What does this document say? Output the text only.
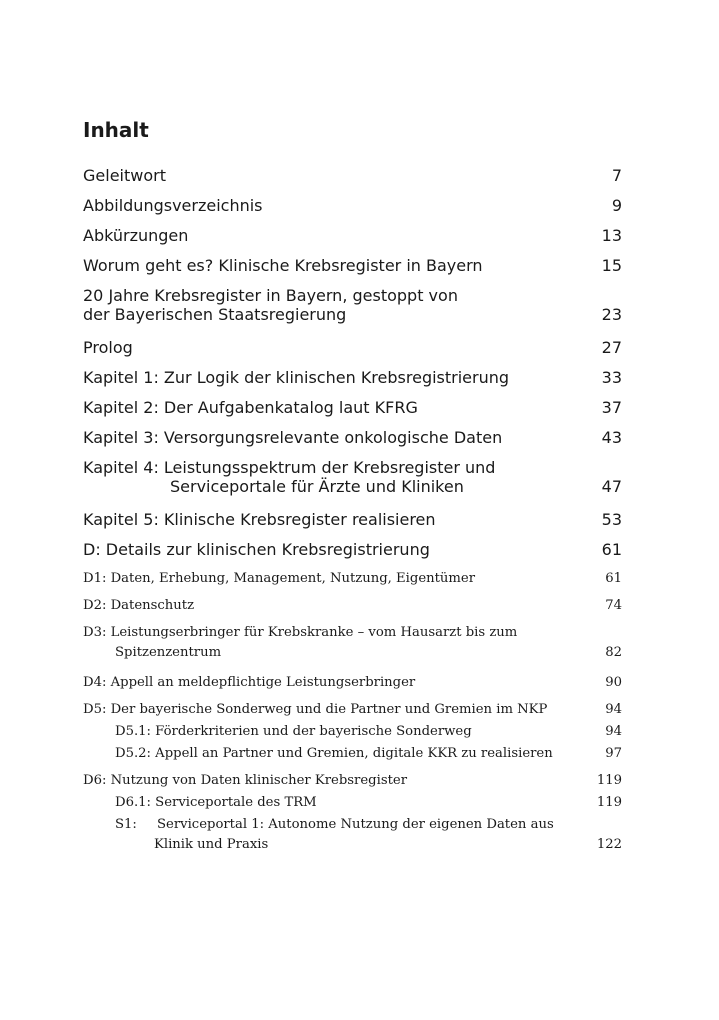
Inhalt
Geleitwort	7
Abbildungsverzeichnis	9
Abkürzungen	13
Worum geht es? Klinische Krebsregister in Bayern	15
20 Jahre Krebsregister in Bayern, gestoppt von
der Bayerischen Staatsregierung	23
Prolog	27
Kapitel 1: Zur Logik der klinischen Krebsregistrierung	33
Kapitel 2: Der Aufgabenkatalog laut KFRG	37
Kapitel 3: Versorgungsrelevante onkologische Daten	43
Kapitel 4: Leistungsspektrum der Krebsregister und
Serviceportale für Ärzte und Kliniken	47
Kapitel 5: Klinische Krebsregister realisieren	53
D: Details zur klinischen Krebsregistrierung	61
D1: Daten, Erhebung, Management, Nutzung, Eigentümer	61
D2: Datenschutz	74
D3: Leistungserbringer für Krebskranke – vom Hausarzt bis zum
Spitzenzentrum	82
D4: Appell an meldepflichtige Leistungserbringer	90
D5: Der bayerische Sonderweg und die Partner und Gremien im NKP	94
D5.1: Förderkriterien und der bayerische Sonderweg	94
D5.2: Appell an Partner und Gremien, digitale KKR zu realisieren	97
D6: Nutzung von Daten klinischer Krebsregister	119
D6.1: Serviceportale des TRM	119
S1: Serviceportal 1: Autonome Nutzung der eigenen Daten aus
Klinik und Praxis	122
